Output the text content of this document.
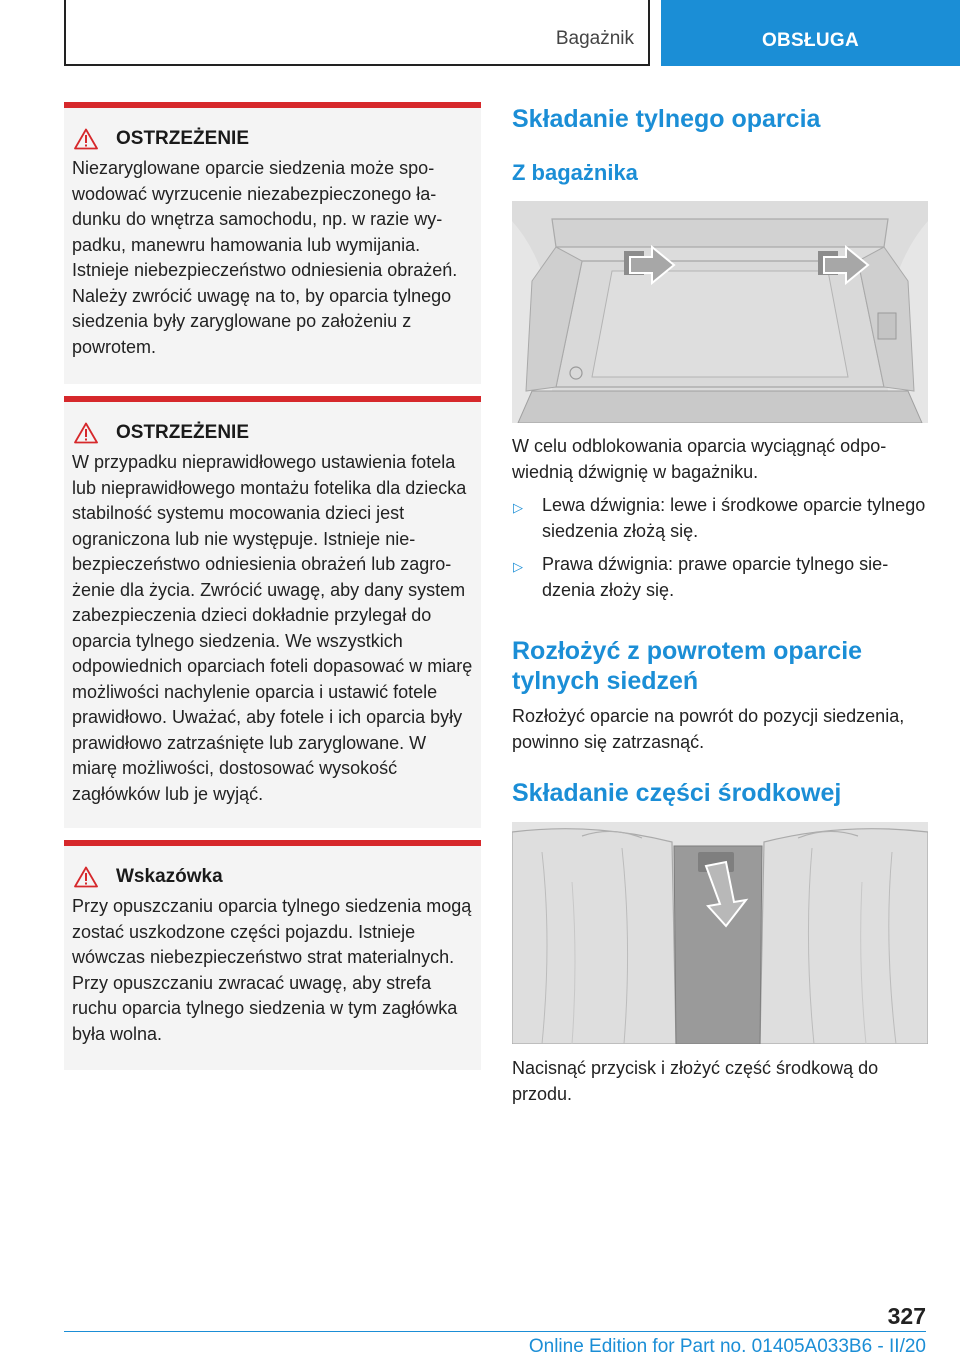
Bagażnik	OBSŁUGA
OSTRZEŻENIE
Niezaryglowane oparcie siedzenia może spowodować wyrzucenie niezabezpieczonego ładunku do wnętrza samochodu, np. w razie wypadku, manewru hamowania lub wymijania. Istnieje niebezpieczeństwo odniesienia obrażeń. Należy zwrócić uwagę na to, by oparcia tylnego siedzenia były zaryglowane po założeniu z powrotem.
OSTRZEŻENIE
W przypadku nieprawidłowego ustawienia fotela lub nieprawidłowego montażu fotelika dla dziecka stabilność systemu mocowania dzieci jest ograniczona lub nie występuje. Istnieje niebezpieczeństwo odniesienia obrażeń lub zagrożenie dla życia. Zwrócić uwagę, aby dany system zabezpieczenia dzieci dokładnie przylegał do oparcia tylnego siedzenia. We wszystkich odpowiednich oparciach foteli dopasować w miarę możliwości nachylenie oparcia i ustawić fotele prawidłowo. Uważać, aby fotele i ich oparcia były prawidłowo zatrzaśnięte lub zaryglowane. W miarę możliwości, dostosować wysokość zagłówków lub je wyjąć.
Wskazówka
Przy opuszczaniu oparcia tylnego siedzenia mogą zostać uszkodzone części pojazdu. Istnieje wówczas niebezpieczeństwo strat materialnych. Przy opuszczaniu zwracać uwagę, aby strefa ruchu oparcia tylnego siedzenia w tym zagłówka była wolna.
Składanie tylnego oparcia
Z bagażnika
W celu odblokowania oparcia wyciągnąć odpowiednią dźwignię w bagażniku.
▷	Lewa dźwignia: lewe i środkowe oparcie tylnego siedzenia złożą się.
▷	Prawa dźwignia: prawe oparcie tylnego siedzenia złoży się.
Rozłożyć z powrotem oparcie
tylnych siedzeń
Rozłożyć oparcie na powrót do pozycji siedzenia, powinno się zatrzasnąć.
Składanie części środkowej
Nacisnąć przycisk i złożyć część środkową do przodu.
327
Online Edition for Part no. 01405A033B6 - II/20
